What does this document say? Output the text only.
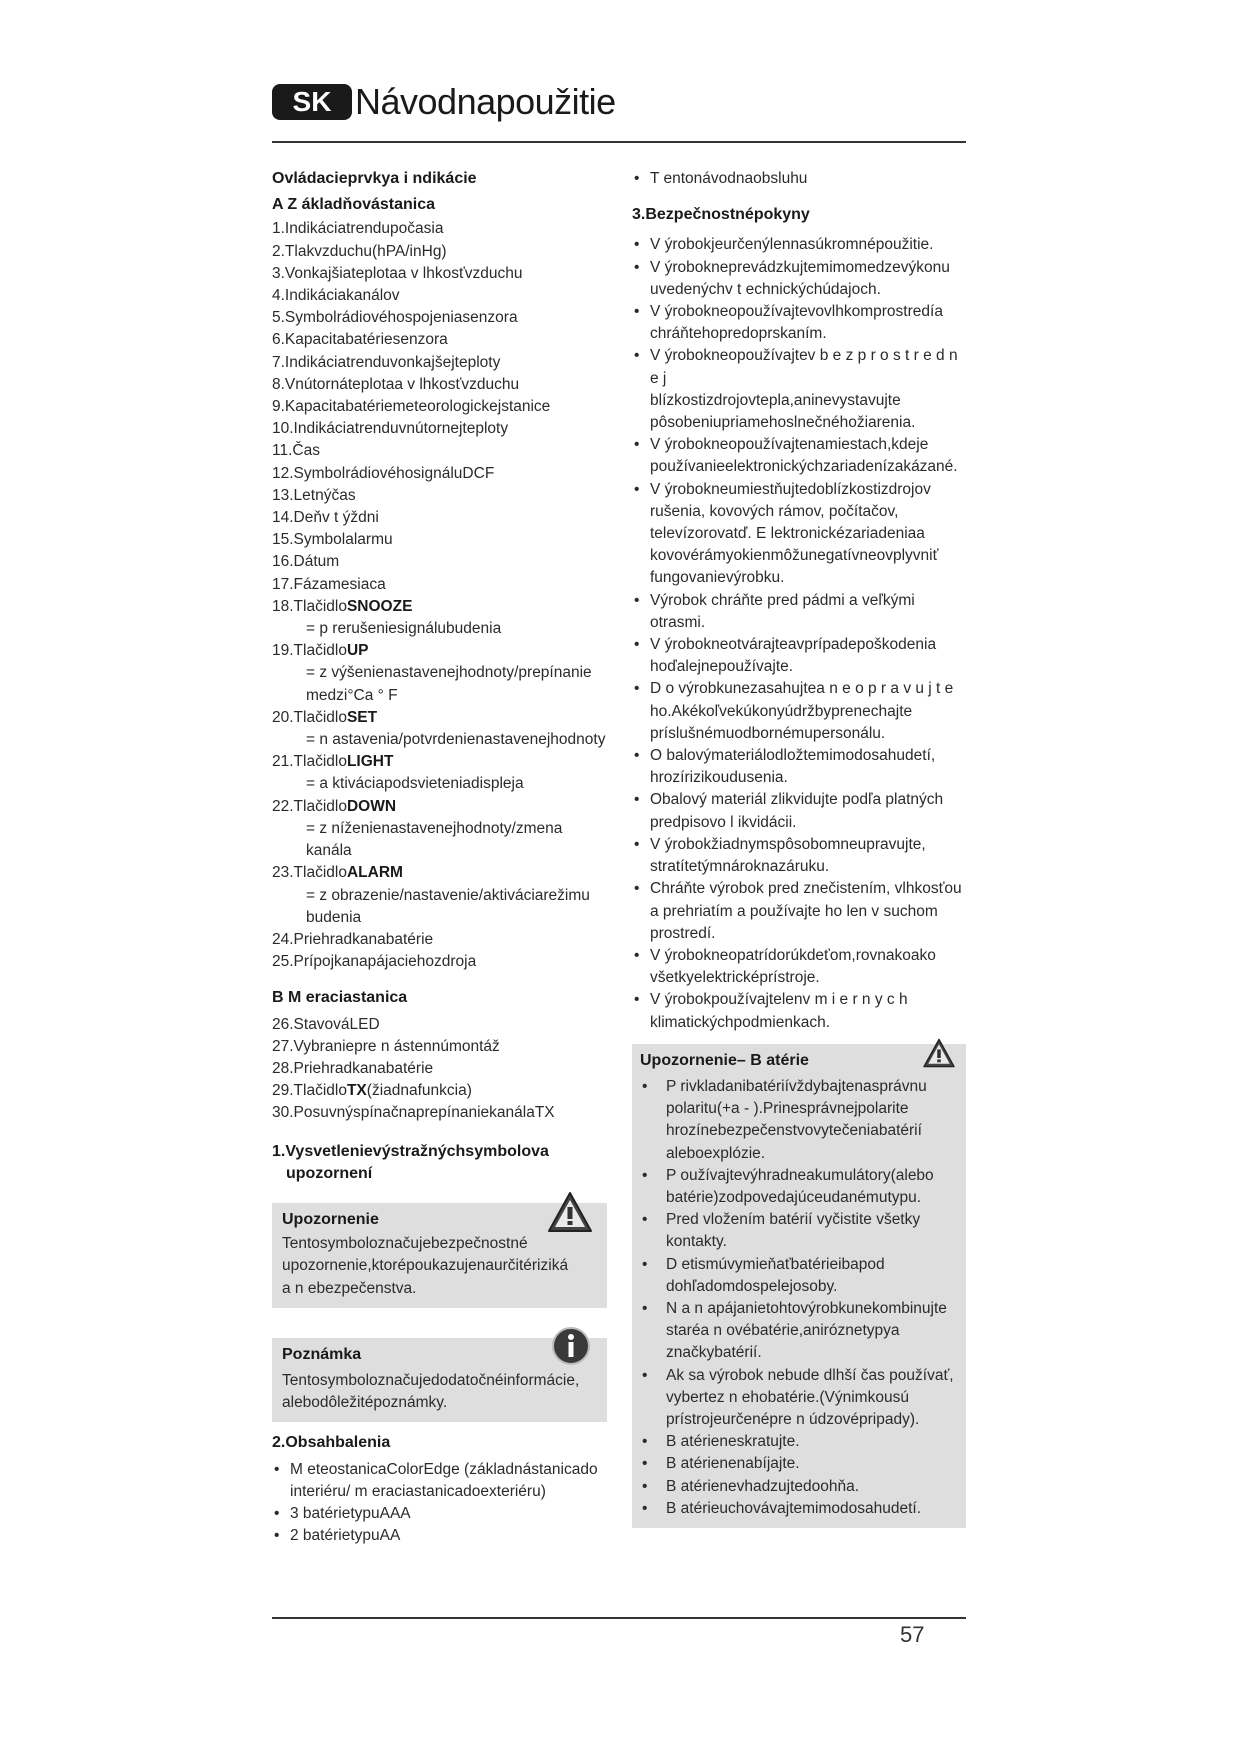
SK Návodnapoužitie
Ovládacieprvkya i ndikácie
A Z ákladňovástanica
1.Indikáciatrendupočasia
2.Tlakvzduchu(hPA/inHg)
3.Vonkajšiateplotaa v lhkosťvzduchu
4.Indikáciakanálov
5.Symbolrádiovéhospojeniasenzora
6.Kapacitabatériesenzora
7.Indikáciatrenduvonkajšejteploty
8.Vnútornáteplotaa v lhkosťvzduchu
9.Kapacitabatériemeteorologickejstanice
10.Indikáciatrenduvnútornejteploty
11.Čas
12.SymbolrádiovéhosignáluDCF
13.Letnýčas
14.Deňv t ýždni
15.Symbolalarmu
16.Dátum
17.Fázamesiaca
18.TlačidloSNOOZE
= p rerušeniesignálubudenia
19.TlačidloUP
= z výšenienastavenejhodnoty/prepínanie
medzi°Ca ° F
20.TlačidloSET
= n astavenia/potvrdenienastavenejhodnoty
21.TlačidloLIGHT
= a ktiváciapodsvieteniadispleja
22.TlačidloDOWN
= z níženienastavenejhodnoty/zmena
kanála
23.TlačidloALARM
= z obrazenie/nastavenie/aktiváciarežimu
budenia
24.Priehradkanabatérie
25.Prípojkanapájaciehozdroja
B M eraciastanica
26.StavováLED
27.Vybraniepre n ástennúmontáž
28.Priehradkanabatérie
29.TlačidloTX(žiadnafunkcia)
30.PosuvnýspínačnaprepínaniekanálaTX
1.Vysvetlenievýstražnýchsymbolova
upozornení
Upozornenie
Tentosymboloznačujebezpečnostné
upozornenie,ktorépoukazujenaurčitériziká
a n ebezpečenstva.
Poznámka
Tentosymboloznačujedodatočnéinformácie,
alebodôležitépoznámky.
2.Obsahbalenia
• M eteostanicaColorEdge (základnástanicado
interiéru/ m eraciastanicadoexteriéru)
• 3 batérietypuAAA
• 2 batérietypuAA
• T entonávodnaobsluhu
3.Bezpečnostnépokyny
• V ýrobokjeurčenýlennasúkromnépoužitie.
• V ýrobokneprevádzkujtemimomedzevýkonu
uvedenýchv t echnickýchúdajoch.
• V ýrobokneopoužívajtevovlhkomprostredía
chráňtehopredoprskaním.
• V ýrobokneopoužívajtev b e z p r o s t r e d n e j
blízkostizdrojovtepla,aninevystavujte
pôsobeniupriamehoslnečnéhožiarenia.
• V ýrobokneopoužívajtenamiestach,kdeje
používanieelektronickýchzariadenízakázané.
• V ýrobokneumiestňujtedoblízkostizdrojov
rušenia, kovových rámov, počítačov,
televízorovatď. E lektronickézariadeniaa
kovovérámyokienmôžunegatívneovplyvniť
fungovanievýrobku.
• Výrobok chráňte pred pádmi a veľkými
otrasmi.
• V ýrobokneotvárajteavprípadepoškodenia
hoďalejnepoužívajte.
• D o výrobkunezasahujtea n e o p r a v u j t e
ho.Akékoľvekúkonyúdržbyprenechajte
príslušnémuodbornémupersonálu.
• O balovýmateriálodložtemimodosahudetí,
hrozírizikoudusenia.
• Obalový materiál zlikvidujte podľa platných
predpisovo l ikvidácii.
• V ýrobokžiadnymspôsobomneupravujte,
stratítetýmnároknazáruku.
• Chráňte výrobok pred znečistením, vlhkosťou
a prehriatím a používajte ho len v suchom
prostredí.
• V ýrobokneopatrídorúkdeťom,rovnakoako
všetkyelektricképrístroje.
• V ýrobokpoužívajtelenv m i e r n y c h
klimatickýchpodmienkach.
Upozornenie– B atérie
• P rivkladanibatériívždybajtenasprávnu
polaritu(+a - ).Prinesprávnejpolarite
hrozínebezpečenstvovytečeniabatérií
aleboexplózie.
• P oužívajtevýhradneakumulátory(alebo
batérie)zodpovedajúceudanémutypu.
• Pred vložením batérií vyčistite všetky
kontakty.
• D etismúvymieňaťbatérieibapod
dohľadomdospelejosoby.
• N a n apájanietohtovýrobkunekombinujte
staréa n ovébatérie,aniróznetypya
značkybatérií.
• Ak sa výrobok nebude dlhší čas používať,
vybertez n ehobatérie.(Výnimkousú
prístrojeurčenépre n údzovépripady).
• B atérieneskratujte.
• B atérienenabíjajte.
• B atérienevhadzujtedoohňa.
• B atérieuchovávajtemimodosahudetí.
57
